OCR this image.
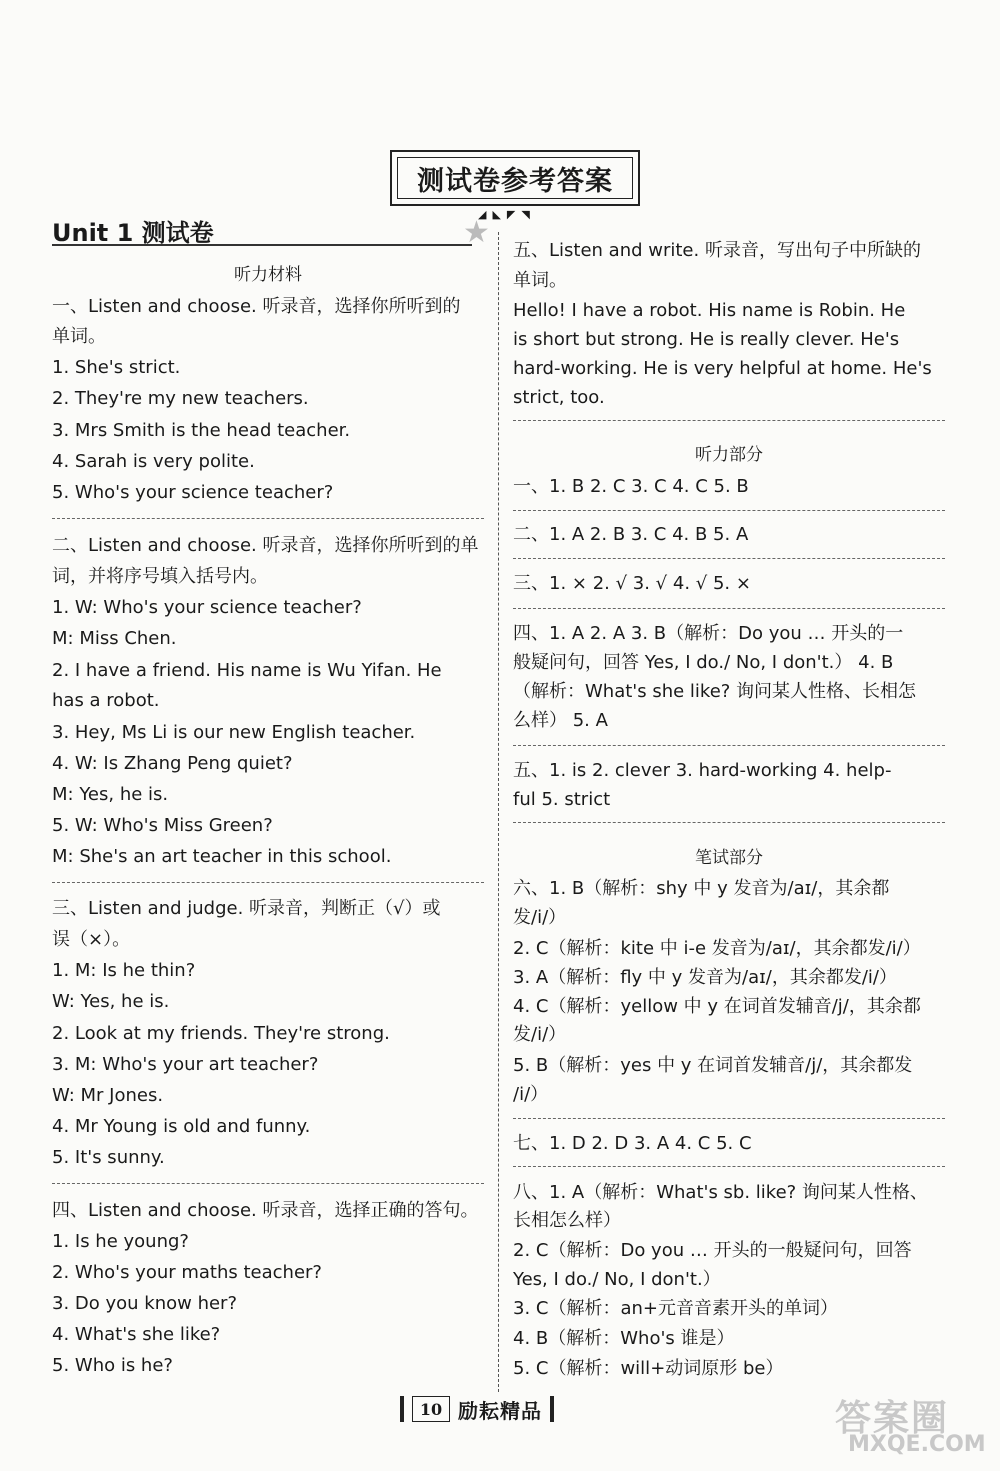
测试卷参考答案
◢◣◤◥
Unit 1 测试卷	★
听力材料
一、Listen and choose. 听录音，选择你所听到的
单词。
1. She's strict.
2. They're my new teachers.
3. Mrs Smith is the head teacher.
4. Sarah is very polite.
5. Who's your science teacher?
二、Listen and choose. 听录音，选择你所听到的单
词，并将序号填入括号内。
1. W: Who's your science teacher?
M: Miss Chen.
2. I have a friend. His name is Wu Yifan. He
has a robot.
3. Hey, Ms Li is our new English teacher.
4. W: Is Zhang Peng quiet?
M: Yes, he is.
5. W: Who's Miss Green?
M: She's an art teacher in this school.
三、Listen and judge. 听录音，判断正（√）或
误（×）。
1. M: Is he thin?
W: Yes, he is.
2. Look at my friends. They're strong.
3. M: Who's your art teacher?
W: Mr Jones.
4. Mr Young is old and funny.
5. It's sunny.
四、Listen and choose. 听录音，选择正确的答句。
1. Is he young?
2. Who's your maths teacher?
3. Do you know her?
4. What's she like?
5. Who is he?
五、Listen and write. 听录音，写出句子中所缺的
单词。
Hello! I have a robot. His name is Robin. He
is short but strong. He is really clever. He's
hard-working. He is very helpful at home. He's
strict, too.
听力部分
一、1. B 2. C 3. C 4. C 5. B
二、1. A 2. B 3. C 4. B 5. A
三、1. × 2. √ 3. √ 4. √ 5. ×
四、1. A 2. A 3. B（解析：Do you … 开头的一
般疑问句，回答 Yes, I do./ No, I don't.） 4. B
（解析：What's she like? 询问某人性格、长相怎
么样） 5. A
五、1. is 2. clever 3. hard-working 4. help-
ful 5. strict
笔试部分
六、1. B（解析：shy 中 y 发音为/aɪ/，其余都
发/i/）
2. C（解析：kite 中 i-e 发音为/aɪ/，其余都发/i/）
3. A（解析：fly 中 y 发音为/aɪ/，其余都发/i/）
4. C（解析：yellow 中 y 在词首发辅音/j/，其余都
发/i/）
5. B（解析：yes 中 y 在词首发辅音/j/，其余都发
/i/）
七、1. D 2. D 3. A 4. C 5. C
八、1. A（解析：What's sb. like? 询问某人性格、
长相怎么样）
2. C（解析：Do you … 开头的一般疑问句，回答
Yes, I do./ No, I don't.）
3. C（解析：an+元音音素开头的单词）
4. B（解析：Who's 谁是）
5. C（解析：will+动词原形 be）
10 励耘精品	答案圈
MXQE.COM
